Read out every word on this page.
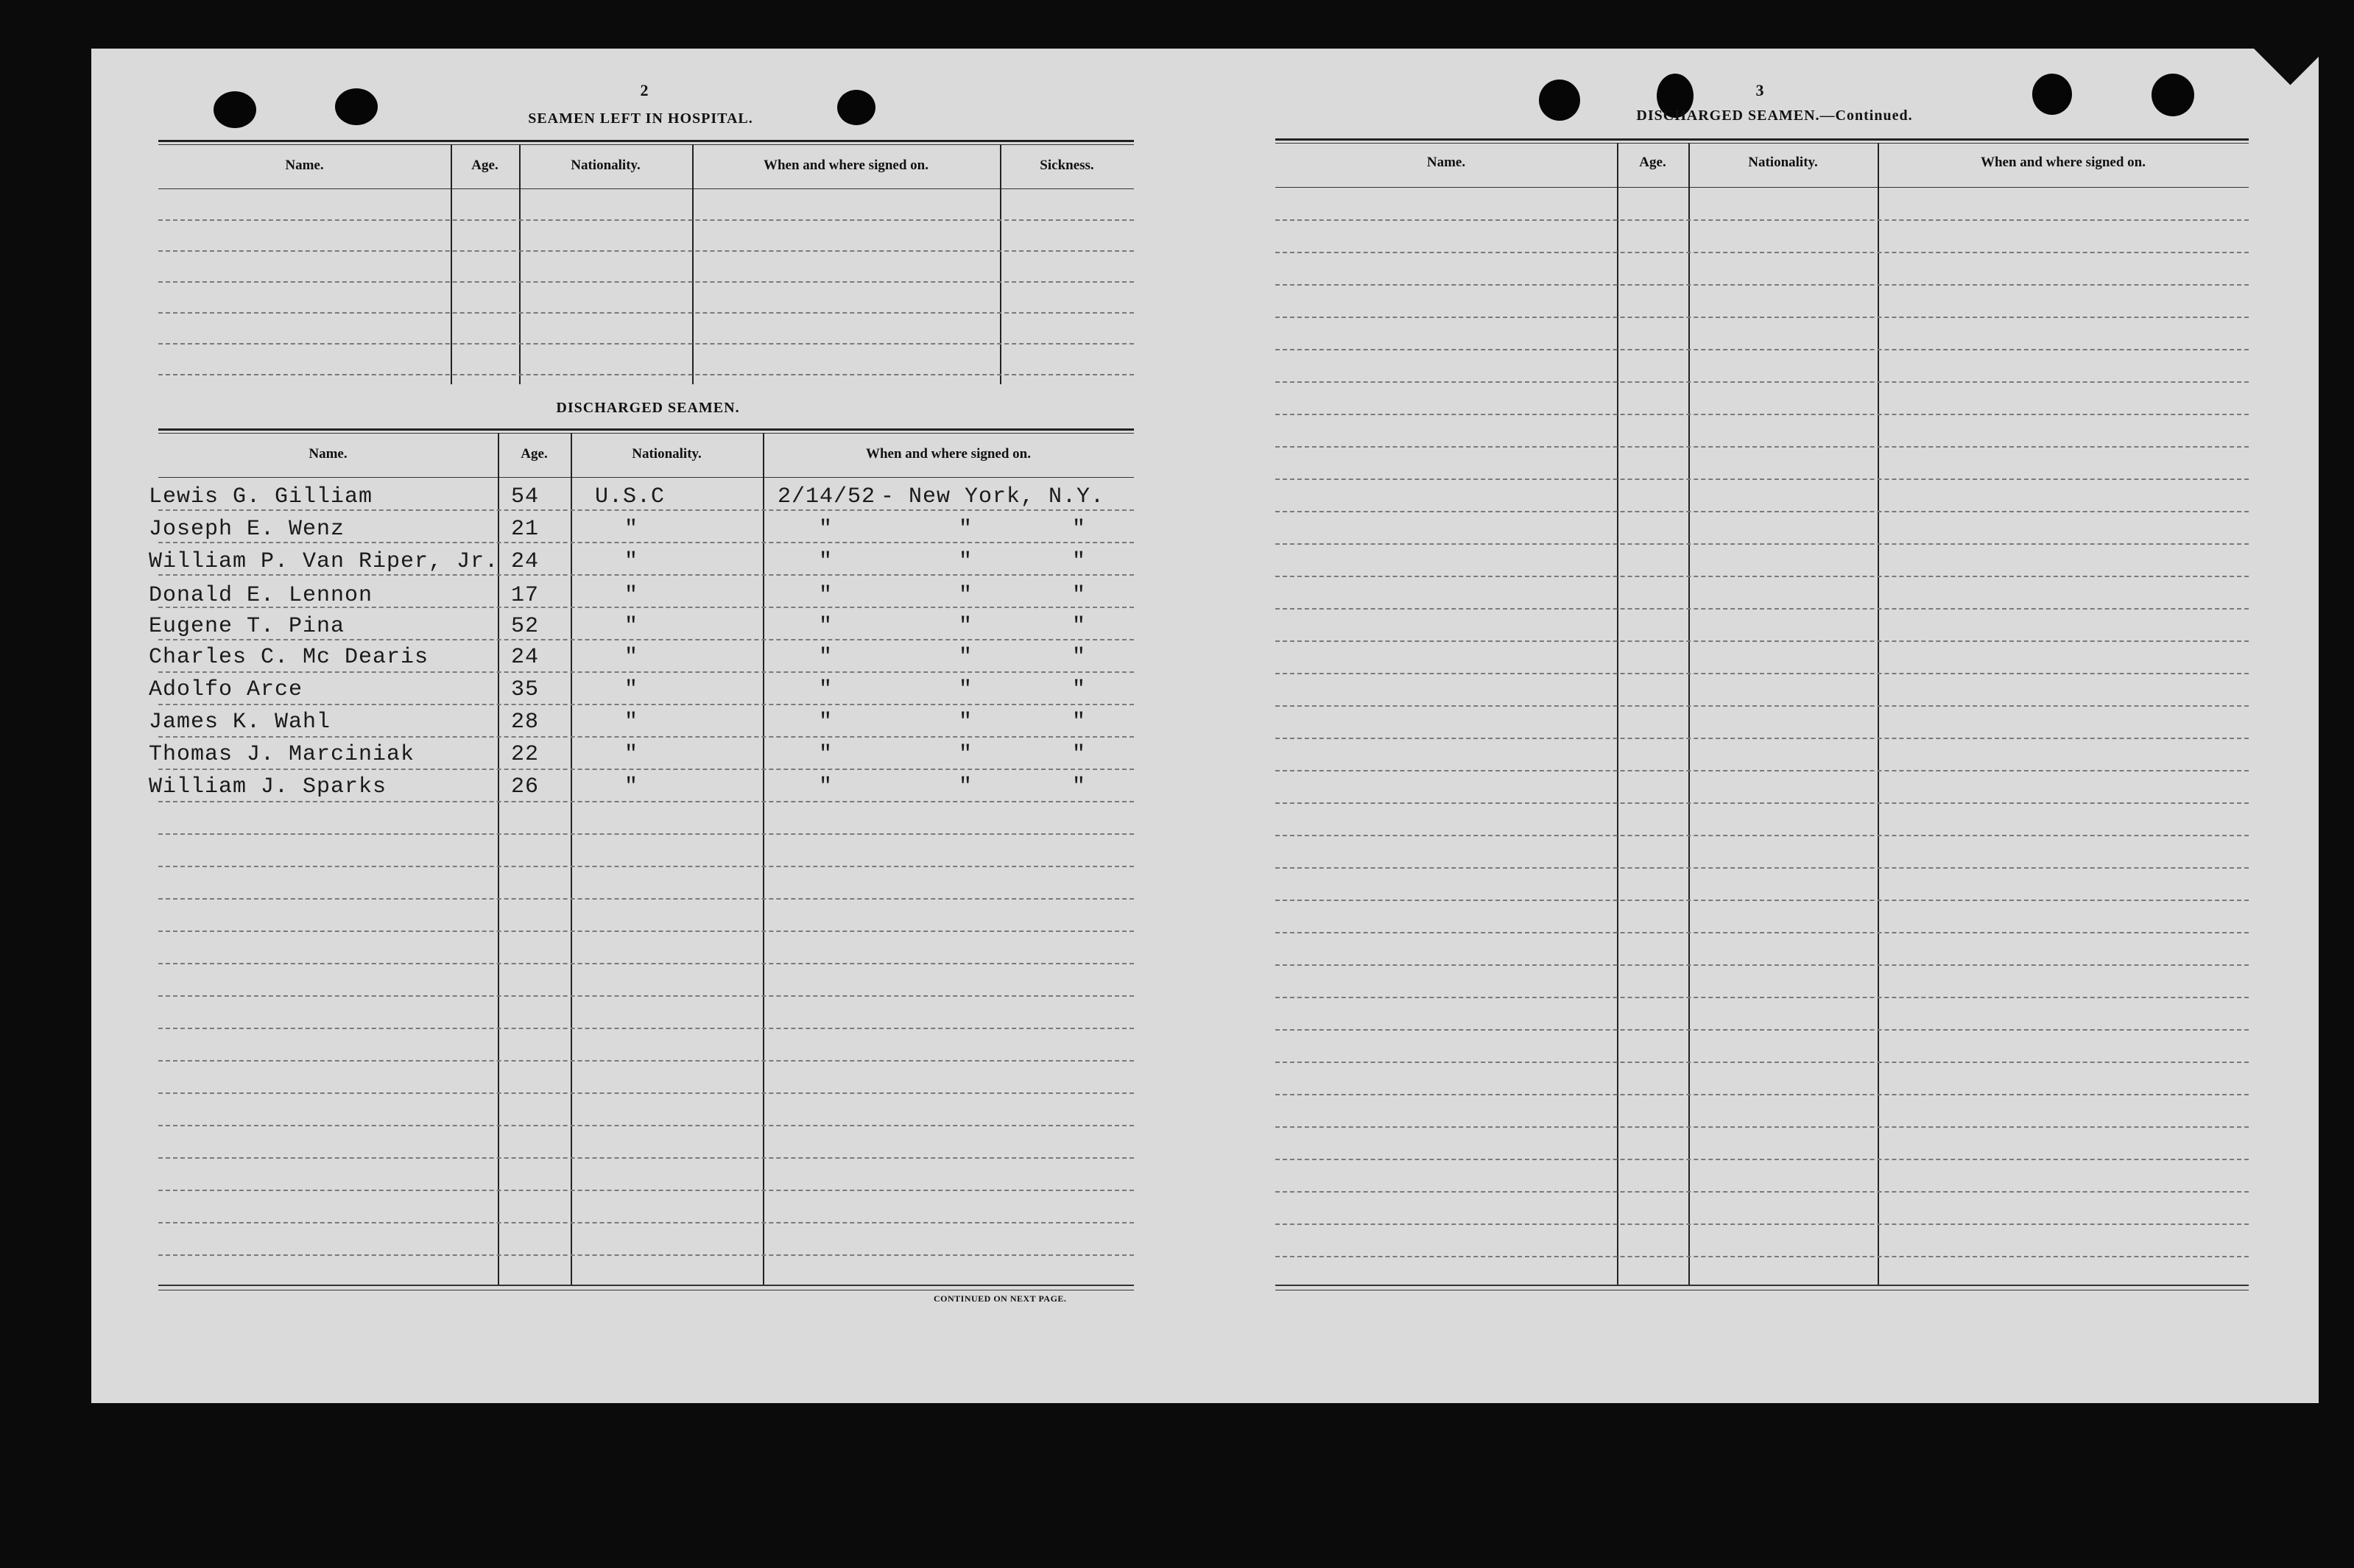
2
SEAMEN LEFT IN HOSPITAL.
Name.	Age.	Nationality.	When and where signed on.	Sickness.
DISCHARGED SEAMEN.
Name.	Age.	Nationality.	When and where signed on.
CONTINUED ON NEXT PAGE.
Lewis G. Gilliam	54	U.S.C	2/14/52 - New York, N.Y.
Joseph E. Wenz	21	"	"	"	"
William P. Van Riper, Jr. 24	"	"	"	"
Donald E. Lennon	17	"	"	"	"
Eugene T. Pina	52	"	"	"	"
Charles C. Mc Dearis	24	"	"	"	"
Adolfo Arce	35	"	"	"	"
James K. Wahl	28	"	"	"	"
Thomas J. Marciniak	22	"	"	"	"
William J. Sparks	26	"	"	"	"
3
DISCHARGED SEAMEN.—Continued.
Name.	Age.	Nationality.	When and where signed on.
